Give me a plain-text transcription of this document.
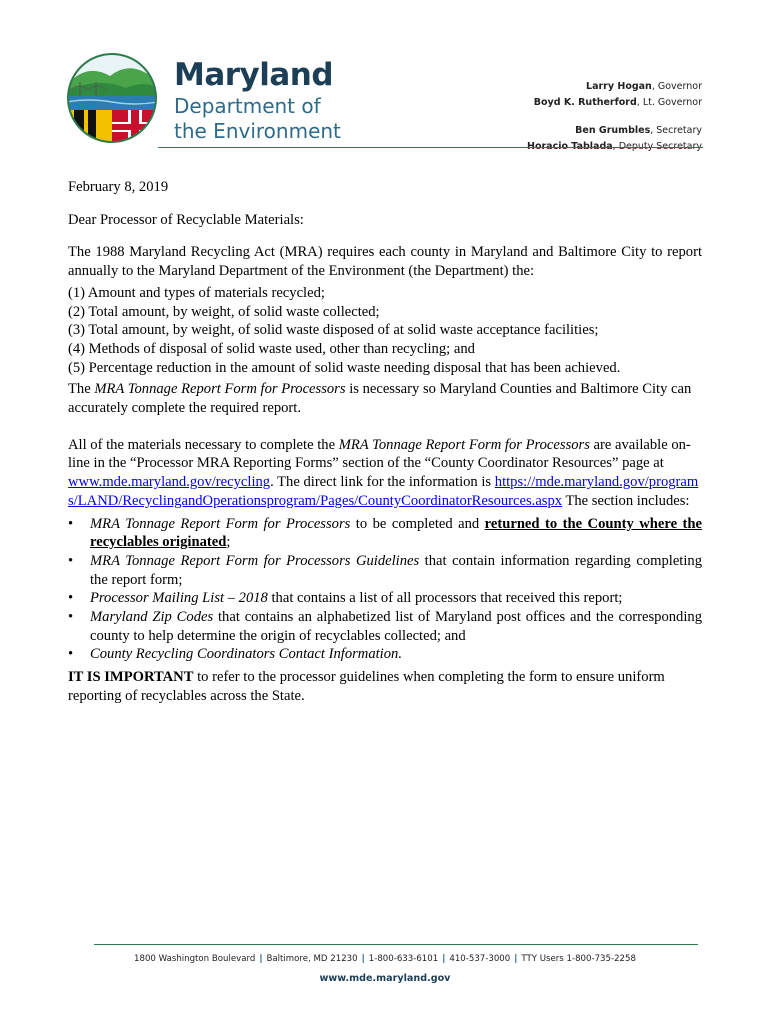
Maryland
Department of
the Environment
Larry Hogan, Governor
Boyd K. Rutherford, Lt. Governor
Ben Grumbles, Secretary

February 8, 2019

Dear Processor of Recyclable Materials:

The 1988 Maryland Recycling Act (MRA) requires each county in Maryland and Baltimore City to report annually to the Maryland Department of the Environment (the Department) the:

(1) Amount and types of materials recycled;
(2) Total amount, by weight, of solid waste collected;
(3) Total amount, by weight, of solid waste disposed of at solid waste acceptance facilities;
(4) Methods of disposal of solid waste used, other than recycling; and
(5) Percentage reduction in the amount of solid waste needing disposal that has been achieved.

The MRA Tonnage Report Form for Processors is necessary so Maryland Counties and Baltimore City can accurately complete the required report.

All of the materials necessary to complete the MRA Tonnage Report Form for Processors are available on-line in the “Processor MRA Reporting Forms” section of the “County Coordinator Resources” page at www.mde.maryland.gov/recycling. The direct link for the information is https://mde.maryland.gov/programs/LAND/RecyclingandOperationsprogram/Pages/CountyCoordinatorResources.aspx The section includes:

• MRA Tonnage Report Form for Processors to be completed and returned to the County where the recyclables originated;
• MRA Tonnage Report Form for Processors Guidelines that contain information regarding completing the report form;
• Processor Mailing List – 2018 that contains a list of all processors that received this report;
• Maryland Zip Codes that contains an alphabetized list of Maryland post offices and the corresponding county to help determine the origin of recyclables collected; and
• County Recycling Coordinators Contact Information.

IT IS IMPORTANT to refer to the processor guidelines when completing the form to ensure uniform reporting of recyclables across the State.

1800 Washington Boulevard | Baltimore, MD 21230 | 1-800-633-6101 | 410-537-3000 | TTY Users 1-800-735-2258
www.mde.maryland.gov
